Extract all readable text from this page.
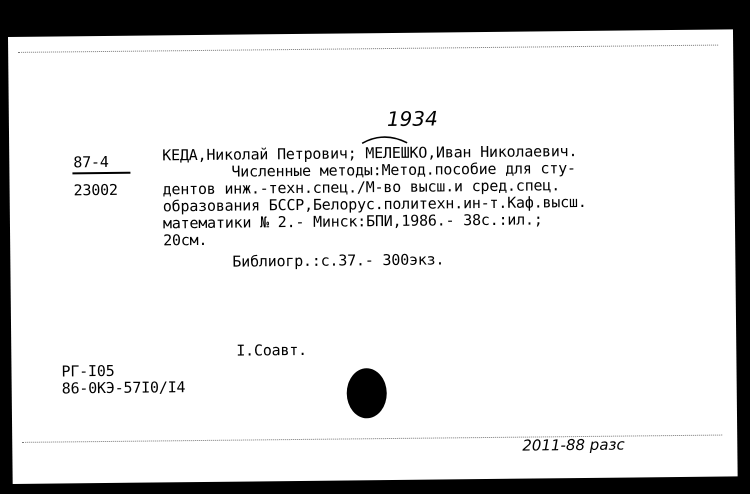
87-4
23002
1934
КЕДА,Николай Петрович; МЕЛЕШКО,Иван Николаевич.
Численные методы:Метод.пособие для сту-
дентов инж.-техн.спец./М-во высш.и сред.спец.
образования БССР,Белорус.политехн.ин-т.Каф.высш.
математики № 2.- Минск:БПИ,1986.- 38с.:ил.;
20см.
Библиогр.:с.37.- 300экз.
I.Соавт.
РГ-I05
86-0КЭ-57I0/I4
2011-88 разс
